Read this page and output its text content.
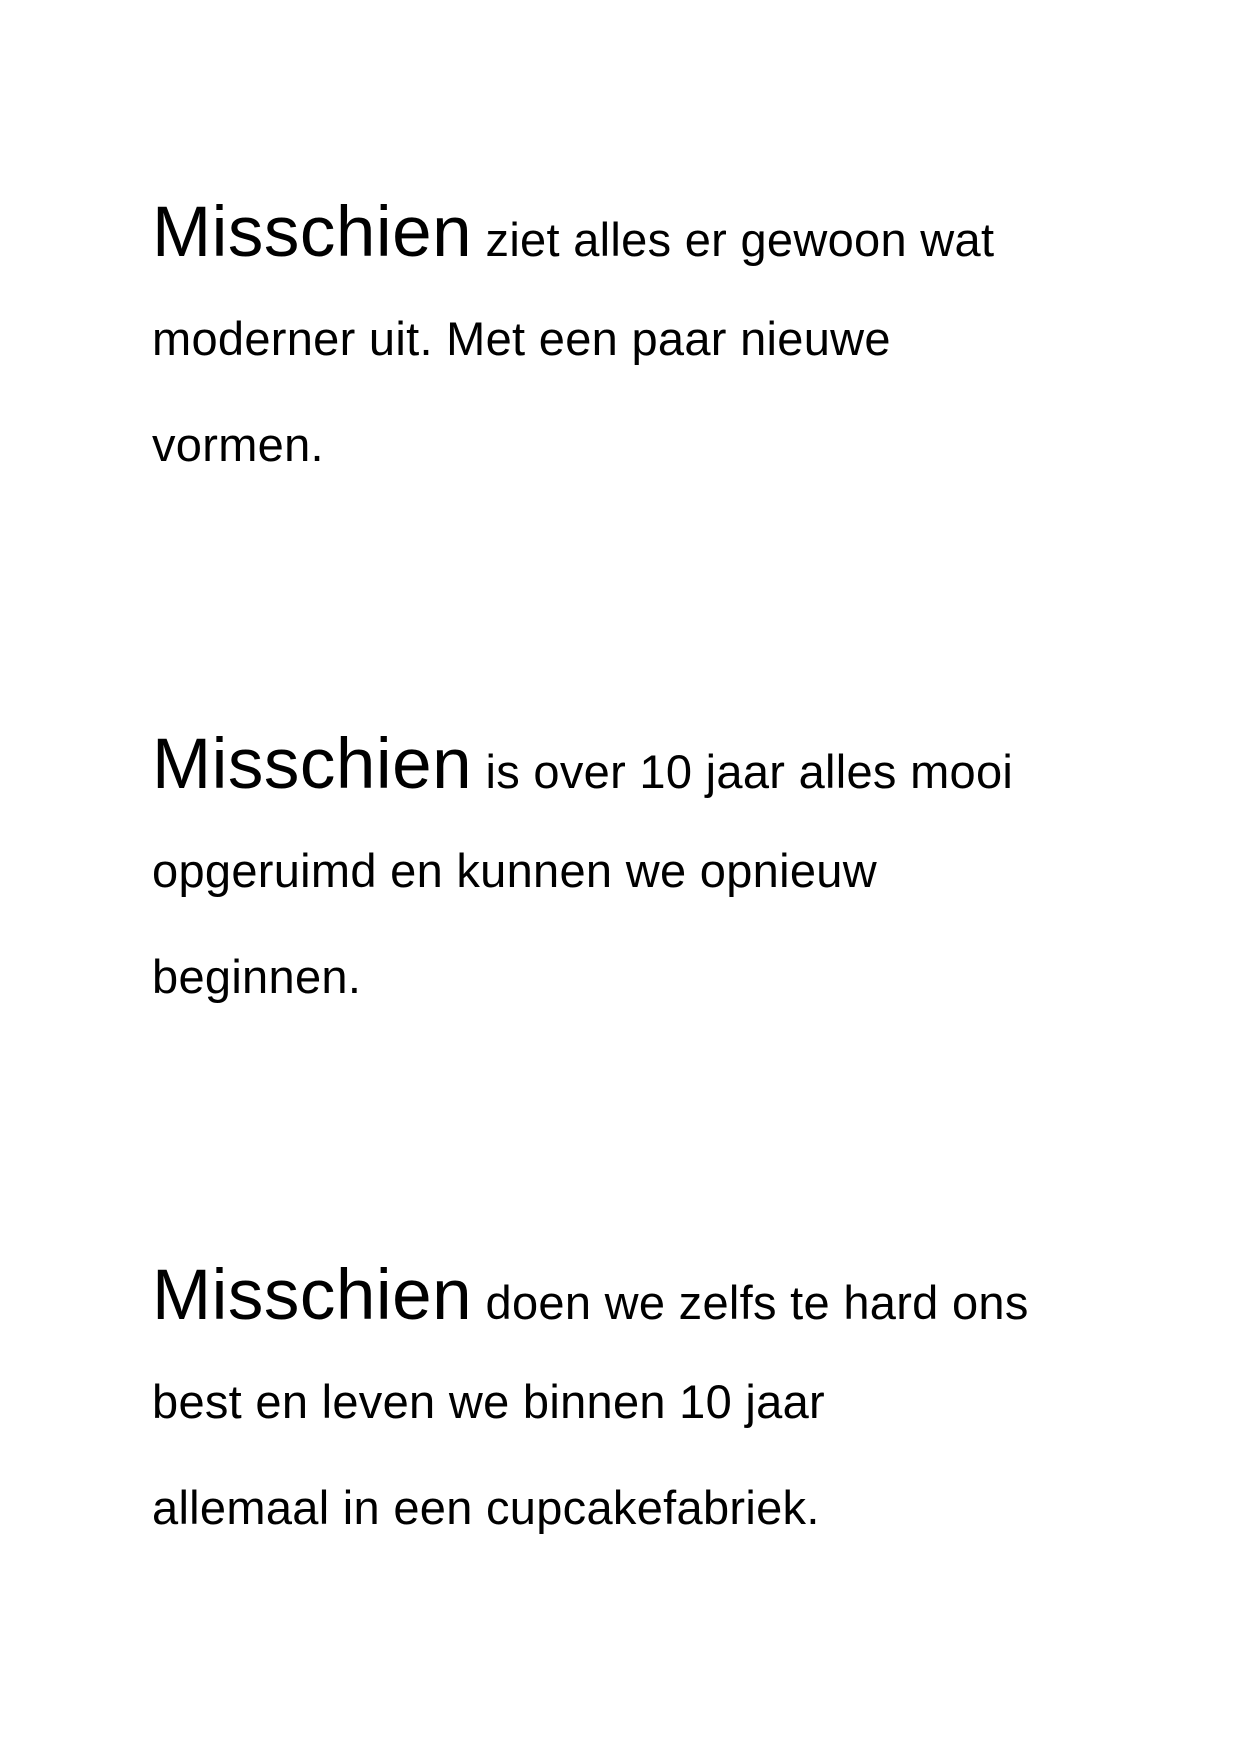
Misschien ziet alles er gewoon wat
moderner uit. Met een paar nieuwe
vormen.

Misschien is over 10 jaar alles mooi
opgeruimd en kunnen we opnieuw
beginnen.

Misschien doen we zelfs te hard ons
best en leven we binnen 10 jaar
allemaal in een cupcakefabriek.
